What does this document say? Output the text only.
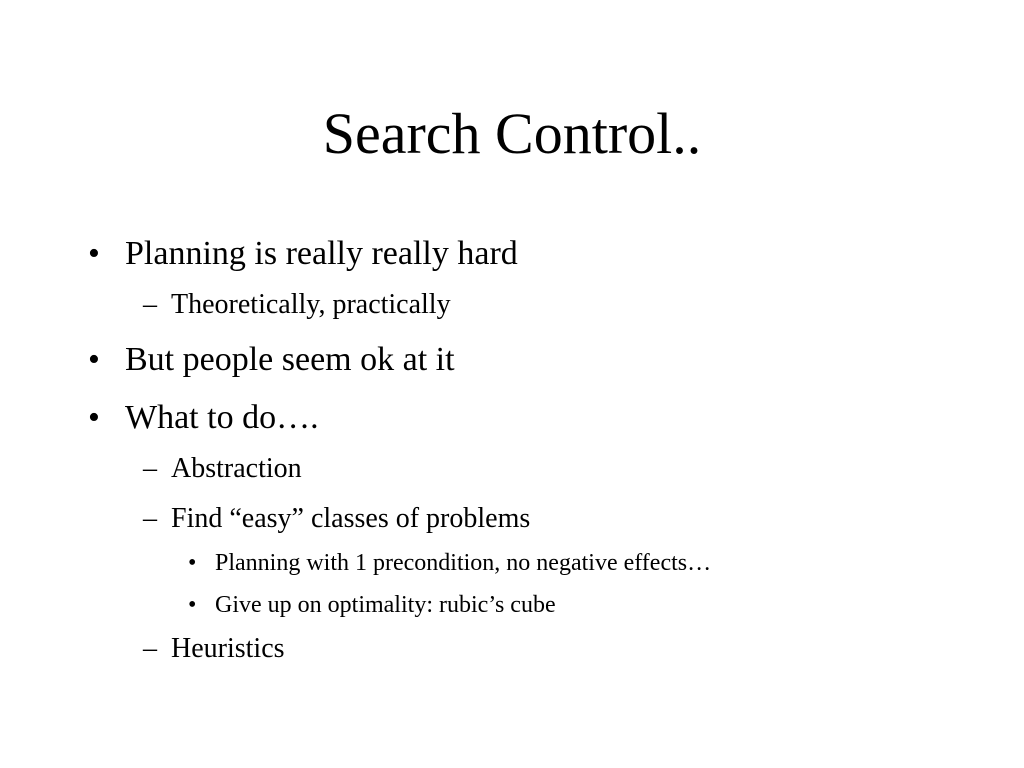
Search Control..
• Planning is really really hard
– Theoretically, practically
• But people seem ok at it
• What to do….
– Abstraction
– Find “easy” classes of problems
• Planning with 1 precondition, no negative effects…
• Give up on optimality: rubic’s cube
– Heuristics
